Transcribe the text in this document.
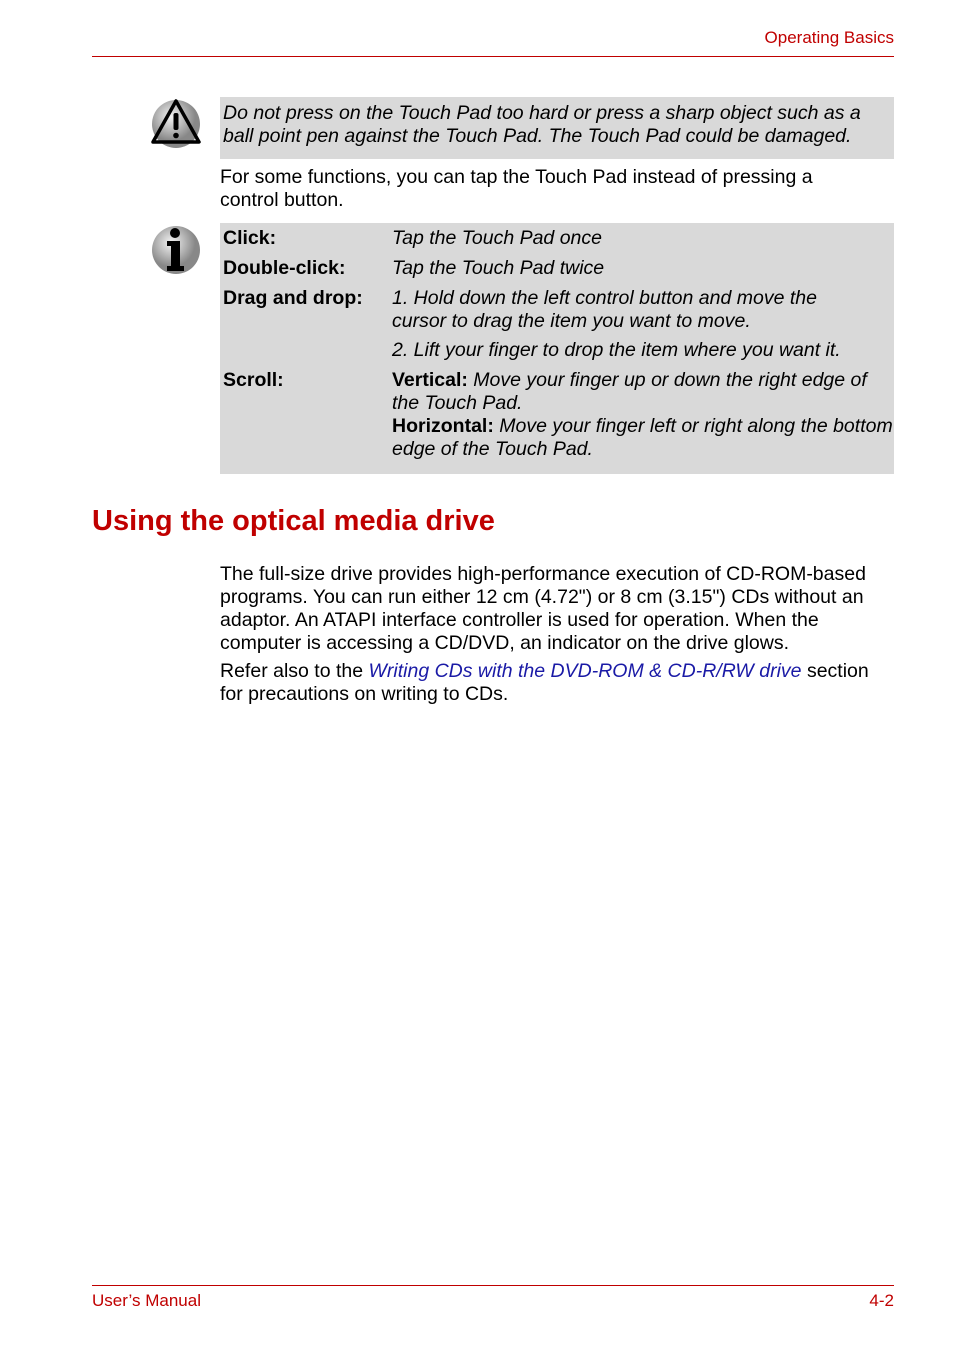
Operating Basics
Do not press on the Touch Pad too hard or press a sharp object such as a ball point pen against the Touch Pad. The Touch Pad could be damaged.
For some functions, you can tap the Touch Pad instead of pressing a control button.
Click:	Tap the Touch Pad once
Double-click:	Tap the Touch Pad twice
Drag and drop:	1. Hold down the left control button and move the cursor to drag the item you want to move.
2. Lift your finger to drop the item where you want it.

Scroll:	Vertical: Move your finger up or down the right edge of the Touch Pad.
Horizontal: Move your finger left or right along the bottom edge of the Touch Pad.
Using the optical media drive
The full-size drive provides high-performance execution of CD-ROM-based programs. You can run either 12 cm (4.72") or 8 cm (3.15") CDs without an adaptor. An ATAPI interface controller is used for operation. When the computer is accessing a CD/DVD, an indicator on the drive glows.
Refer also to the Writing CDs with the DVD-ROM & CD-R/RW drive section for precautions on writing to CDs.
User’s Manual	4-2
